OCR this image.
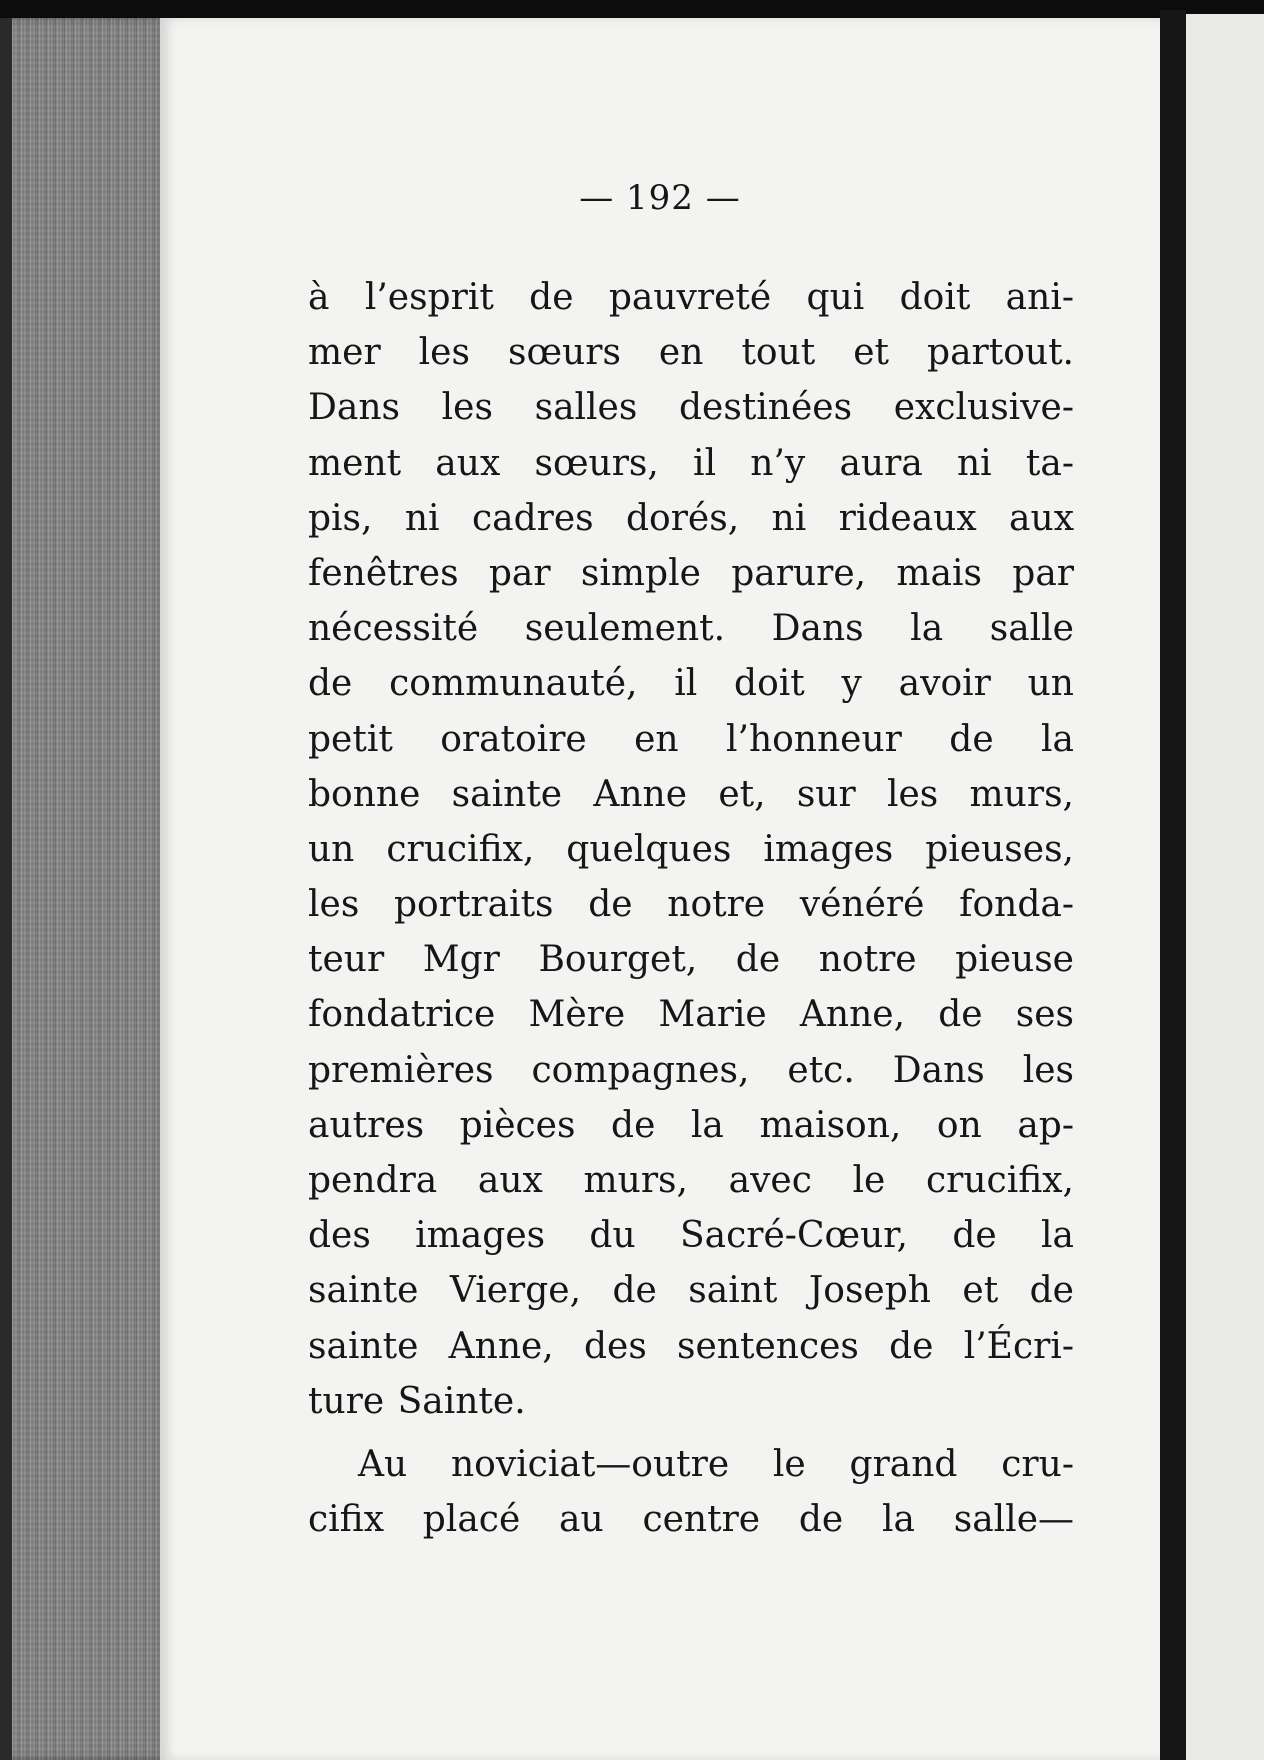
— 192 —
à l’esprit de pauvreté qui doit ani-
mer les sœurs en tout et partout.
Dans les salles destinées exclusive-
ment aux sœurs, il n’y aura ni ta-
pis, ni cadres dorés, ni rideaux aux
fenêtres par simple parure, mais par
nécessité seulement. Dans la salle
de communauté, il doit y avoir un
petit oratoire en l’honneur de la
bonne sainte Anne et, sur les murs,
un crucifix, quelques images pieuses,
les portraits de notre vénéré fonda-
teur Mgr Bourget, de notre pieuse
fondatrice Mère Marie Anne, de ses
premières compagnes, etc. Dans les
autres pièces de la maison, on ap-
pendra aux murs, avec le crucifix,
des images du Sacré-Cœur, de la
sainte Vierge, de saint Joseph et de
sainte Anne, des sentences de l’Écri-
ture Sainte.
Au noviciat—outre le grand cru-
cifix placé au centre de la salle—
